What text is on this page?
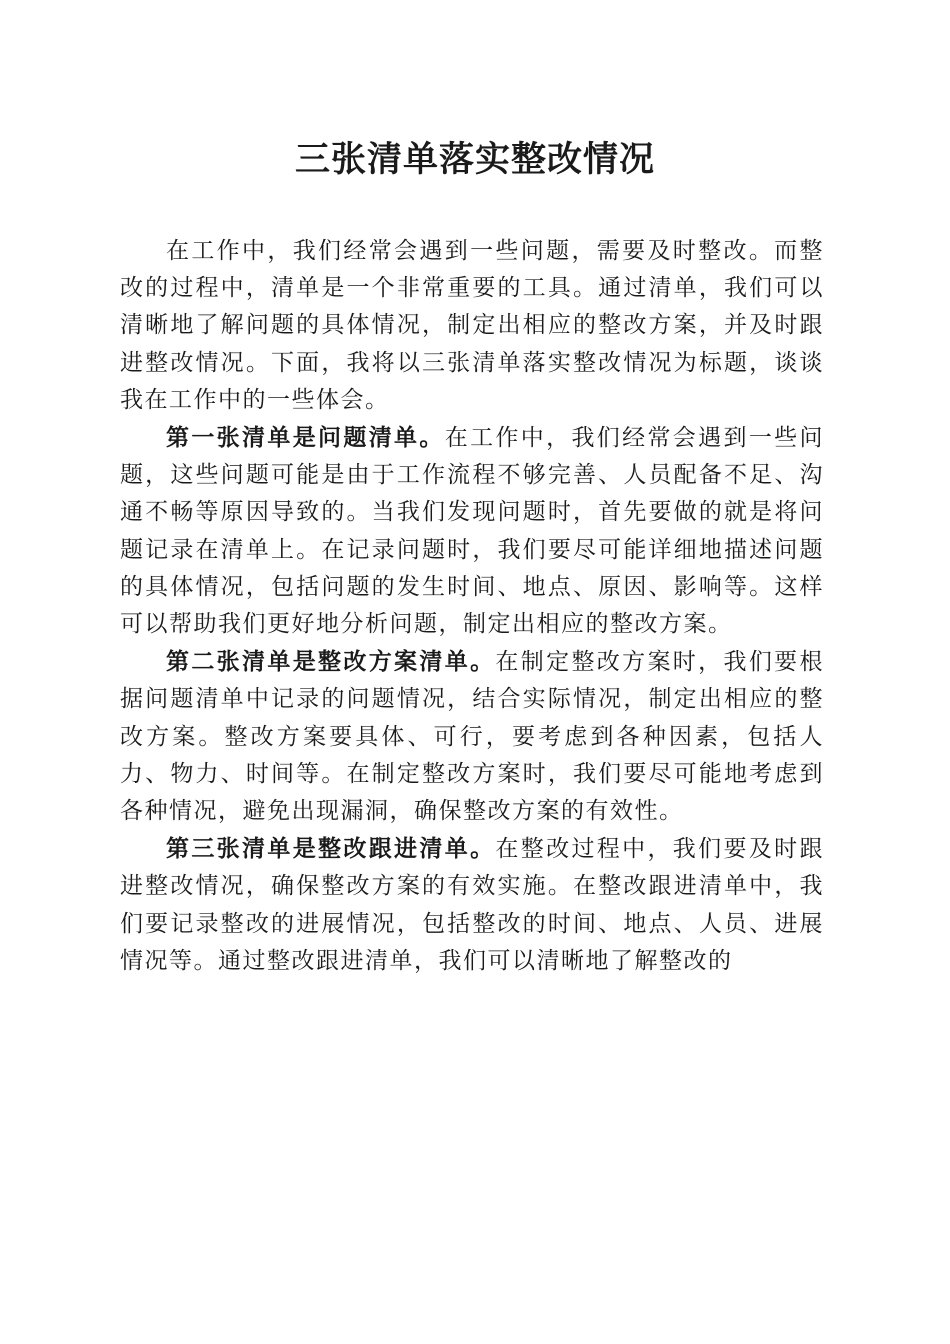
三张清单落实整改情况

在工作中，我们经常会遇到一些问题，需要及时整改。而整改的过程中，清单是一个非常重要的工具。通过清单，我们可以清晰地了解问题的具体情况，制定出相应的整改方案，并及时跟进整改情况。下面，我将以三张清单落实整改情况为标题，谈谈我在工作中的一些体会。

第一张清单是问题清单。在工作中，我们经常会遇到一些问题，这些问题可能是由于工作流程不够完善、人员配备不足、沟通不畅等原因导致的。当我们发现问题时，首先要做的就是将问题记录在清单上。在记录问题时，我们要尽可能详细地描述问题的具体情况，包括问题的发生时间、地点、原因、影响等。这样可以帮助我们更好地分析问题，制定出相应的整改方案。

第二张清单是整改方案清单。在制定整改方案时，我们要根据问题清单中记录的问题情况，结合实际情况，制定出相应的整改方案。整改方案要具体、可行，要考虑到各种因素，包括人力、物力、时间等。在制定整改方案时，我们要尽可能地考虑到各种情况，避免出现漏洞，确保整改方案的有效性。

第三张清单是整改跟进清单。在整改过程中，我们要及时跟进整改情况，确保整改方案的有效实施。在整改跟进清单中，我们要记录整改的进展情况，包括整改的时间、地点、人员、进展情况等。通过整改跟进清单，我们可以清晰地了解整改的
